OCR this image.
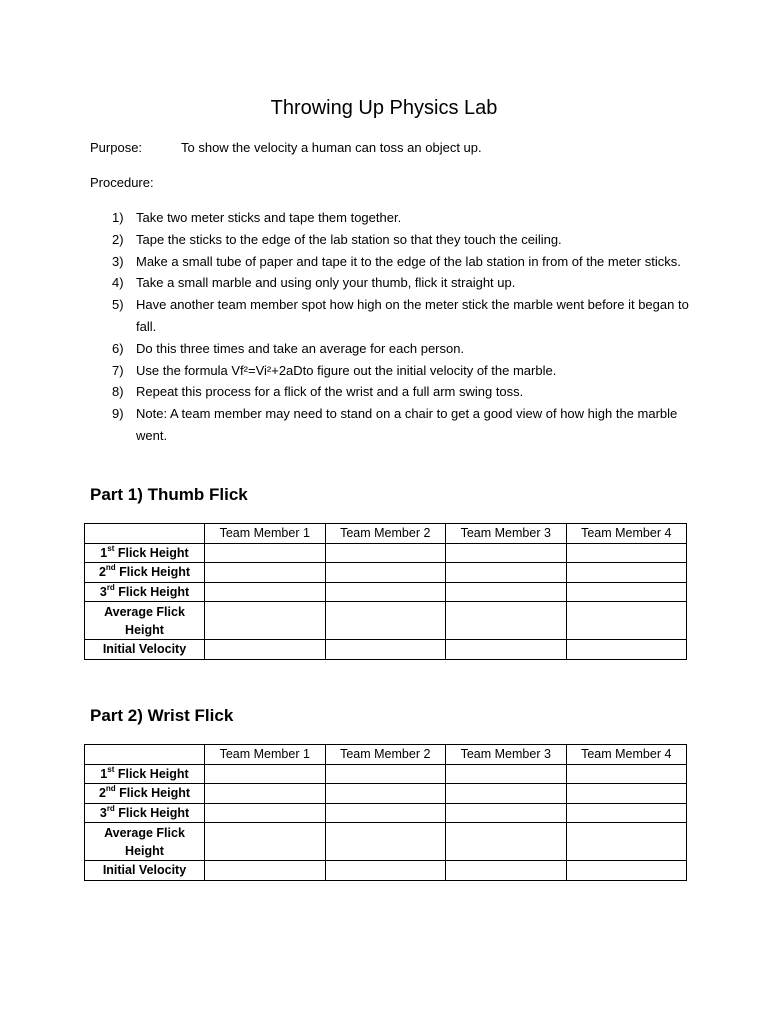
Throwing Up Physics Lab
Purpose:	To show the velocity a human can toss an object up.
Procedure:
1) Take two meter sticks and tape them together.
2) Tape the sticks to the edge of the lab station so that they touch the ceiling.
3) Make a small tube of paper and tape it to the edge of the lab station in from of the meter sticks.
4) Take a small marble and using only your thumb, flick it straight up.
5) Have another team member spot how high on the meter stick the marble went before it began to fall.
6) Do this three times and take an average for each person.
7) Use the formula Vf²=Vi²+2aDto figure out the initial velocity of the marble.
8) Repeat this process for a flick of the wrist and a full arm swing toss.
9) Note: A team member may need to stand on a chair to get a good view of how high the marble went.
Part 1) Thumb Flick
	Team Member 1	Team Member 2	Team Member 3	Team Member 4
1st Flick Height				
2nd Flick Height				
3rd Flick Height				
Average Flick Height				
Initial Velocity				
Part 2) Wrist Flick
	Team Member 1	Team Member 2	Team Member 3	Team Member 4
1st Flick Height				
2nd Flick Height				
3rd Flick Height				
Average Flick Height				
Initial Velocity				
